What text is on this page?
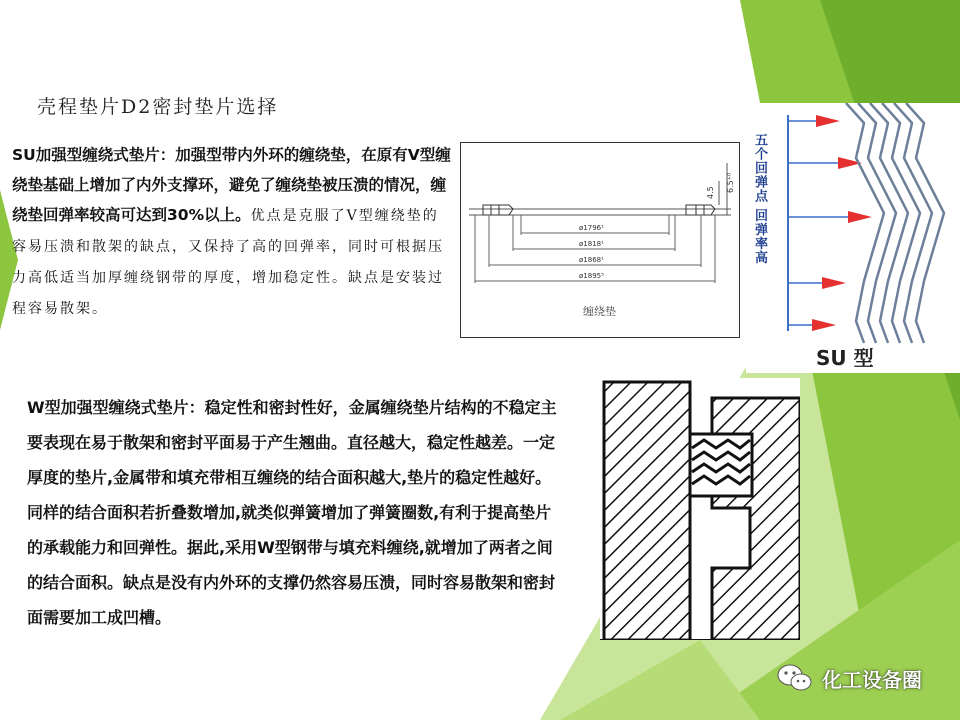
壳程垫片D2密封垫片选择
SU加强型缠绕式垫片：加强型带内外环的缠绕垫，在原有V型缠绕垫基础上增加了内外支撑环，避免了缠绕垫被压溃的情况，缠绕垫回弹率较高可达到30%以上。优点是克服了V型缠绕垫的容易压溃和散架的缺点，又保持了高的回弹率，同时可根据压力高低适当加厚缠绕钢带的厚度，增加稳定性。缺点是安装过程容易散架。
4.5 6.5⁺⁰
ø1796¹
ø1818¹
ø1868¹
ø1895⁵
缠绕垫
五个回弹点 回弹率高
SU 型
W型加强型缠绕式垫片：稳定性和密封性好，金属缠绕垫片结构的不稳定主要表现在易于散架和密封平面易于产生翘曲。直径越大，稳定性越差。一定厚度的垫片,金属带和填充带相互缠绕的结合面积越大,垫片的稳定性越好。同样的结合面积若折叠数增加,就类似弹簧增加了弹簧圈数,有利于提高垫片的承载能力和回弹性。据此,采用W型钢带与填充料缠绕,就增加了两者之间的结合面积。缺点是没有内外环的支撑仍然容易压溃，同时容易散架和密封面需要加工成凹槽。
化工设备圈
